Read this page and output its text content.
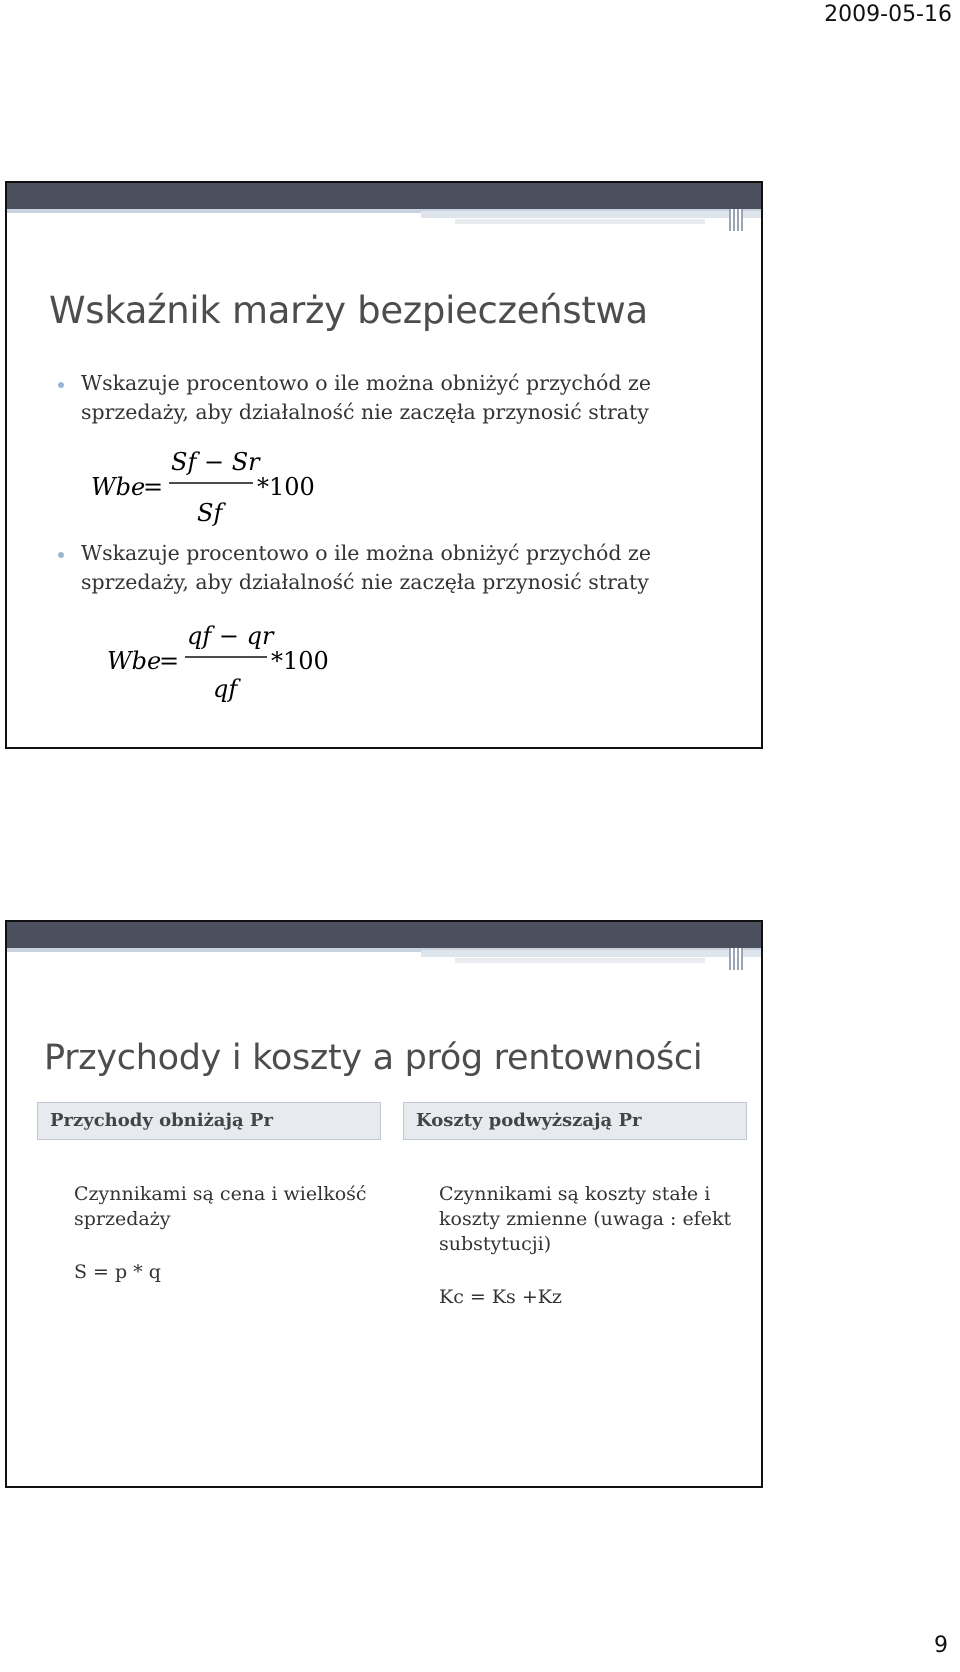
2009-05-16
Wskaźnik marży bezpieczeństwa
Wskazuje procentowo o ile można obniżyć przychód ze sprzedaży, aby działalność nie zaczęła przynosić straty
Wbe
=
Sf − Sr
Sf
*100
Wskazuje procentowo o ile można obniżyć przychód ze sprzedaży, aby działalność nie zaczęła przynosić straty
Wbe
=
qf − qr
qf
*100
Przychody i koszty a próg rentowności
Przychody obniżają Pr	Koszty podwyższają Pr
Czynnikami są cena i wielkość sprzedaży
S = p * q
Czynnikami są koszty stałe i koszty zmienne (uwaga : efekt substytucji)
Kc = Ks +Kz
9
